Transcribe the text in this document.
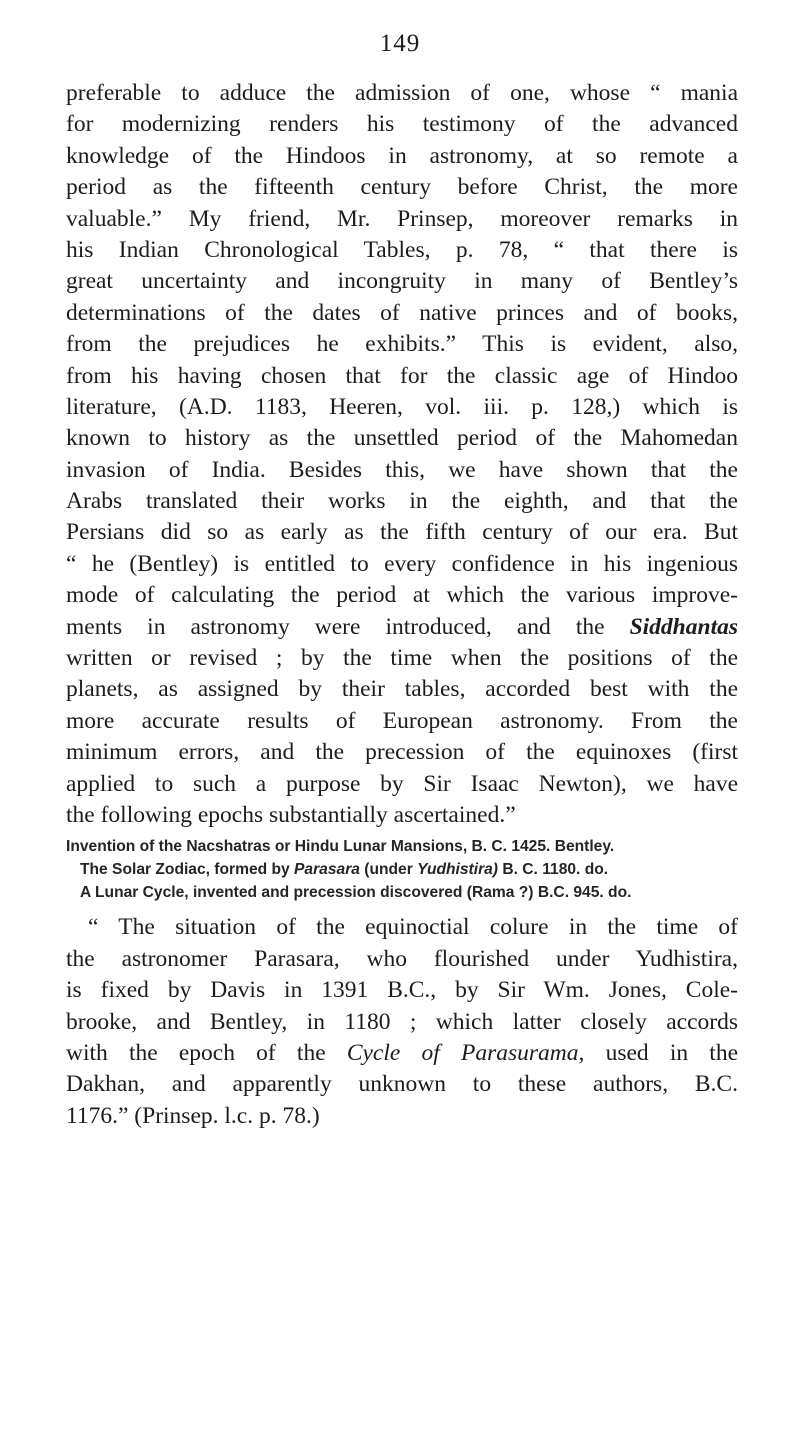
149
preferable to adduce the admission of one, whose “ mania
for modernizing renders his testimony of the advanced
knowledge of the Hindoos in astronomy, at so remote a
period as the fifteenth century before Christ, the more
valuable.” My friend, Mr. Prinsep, moreover remarks in
his Indian Chronological Tables, p. 78, “ that there is
great uncertainty and incongruity in many of Bentley’s
determinations of the dates of native princes and of books,
from the prejudices he exhibits.” This is evident, also,
from his having chosen that for the classic age of Hindoo
literature, (A.D. 1183, Heeren, vol. iii. p. 128,) which is
known to history as the unsettled period of the Mahomedan
invasion of India. Besides this, we have shown that the
Arabs translated their works in the eighth, and that the
Persians did so as early as the fifth century of our era. But
“ he (Bentley) is entitled to every confidence in his ingenious
mode of calculating the period at which the various improve-
ments in astronomy were introduced, and the Siddhantas
written or revised ; by the time when the positions of the
planets, as assigned by their tables, accorded best with the
more accurate results of European astronomy. From the
minimum errors, and the precession of the equinoxes (first
applied to such a purpose by Sir Isaac Newton), we have
the following epochs substantially ascertained.”
Invention of the Nacshatras or Hindu Lunar Mansions, B. C. 1425. Bentley.
The Solar Zodiac, formed by Parasara (under Yudhistira) B. C. 1180. do.
A Lunar Cycle, invented and precession discovered (Rama ?) B.C. 945. do.
“ The situation of the equinoctial colure in the time of
the astronomer Parasara, who flourished under Yudhistira,
is fixed by Davis in 1391 B.C., by Sir Wm. Jones, Cole-
brooke, and Bentley, in 1180 ; which latter closely accords
with the epoch of the Cycle of Parasurama, used in the
Dakhan, and apparently unknown to these authors, B.C.
1176.” (Prinsep. l.c. p. 78.)
